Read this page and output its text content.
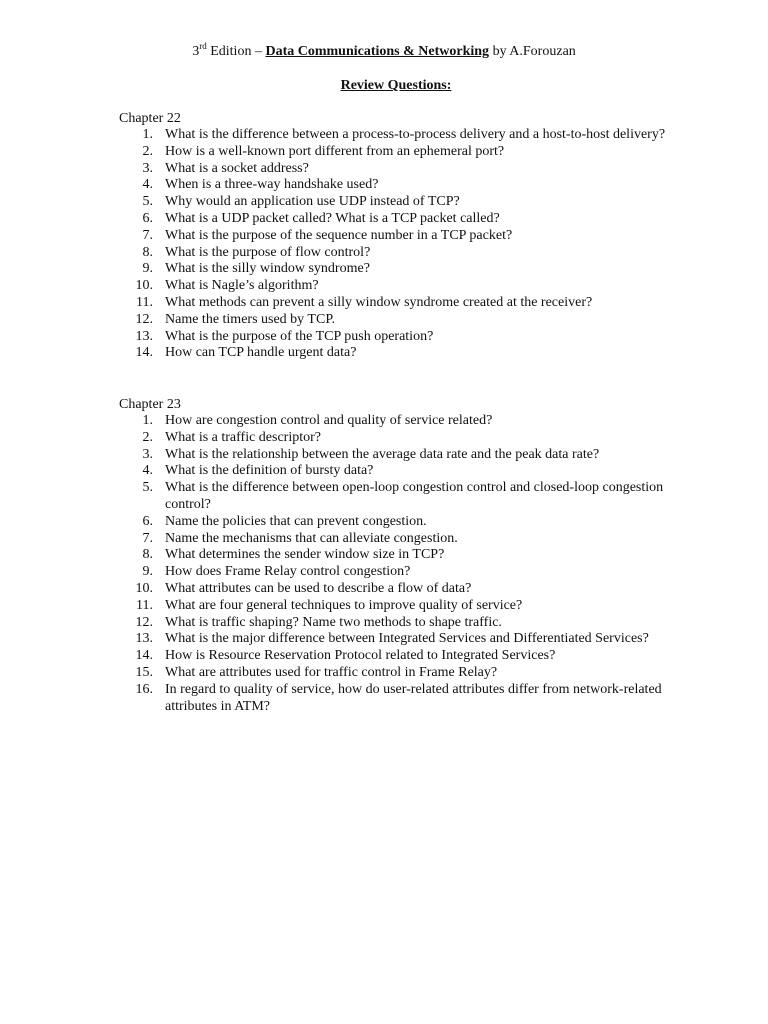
3rd Edition – Data Communications & Networking by A.Forouzan
Review Questions:
Chapter 22
1. What is the difference between a process-to-process delivery and a host-to-host delivery?
2. How is a well-known port different from an ephemeral port?
3. What is a socket address?
4. When is a three-way handshake used?
5. Why would an application use UDP instead of TCP?
6. What is a UDP packet called? What is a TCP packet called?
7. What is the purpose of the sequence number in a TCP packet?
8. What is the purpose of flow control?
9. What is the silly window syndrome?
10. What is Nagle’s algorithm?
11. What methods can prevent a silly window syndrome created at the receiver?
12. Name the timers used by TCP.
13. What is the purpose of the TCP push operation?
14. How can TCP handle urgent data?
Chapter 23
1. How are congestion control and quality of service related?
2. What is a traffic descriptor?
3. What is the relationship between the average data rate and the peak data rate?
4. What is the definition of bursty data?
5. What is the difference between open-loop congestion control and closed-loop congestion control?
6. Name the policies that can prevent congestion.
7. Name the mechanisms that can alleviate congestion.
8. What determines the sender window size in TCP?
9. How does Frame Relay control congestion?
10. What attributes can be used to describe a flow of data?
11. What are four general techniques to improve quality of service?
12. What is traffic shaping? Name two methods to shape traffic.
13. What is the major difference between Integrated Services and Differentiated Services?
14. How is Resource Reservation Protocol related to Integrated Services?
15. What are attributes used for traffic control in Frame Relay?
16. In regard to quality of service, how do user-related attributes differ from network-related attributes in ATM?
